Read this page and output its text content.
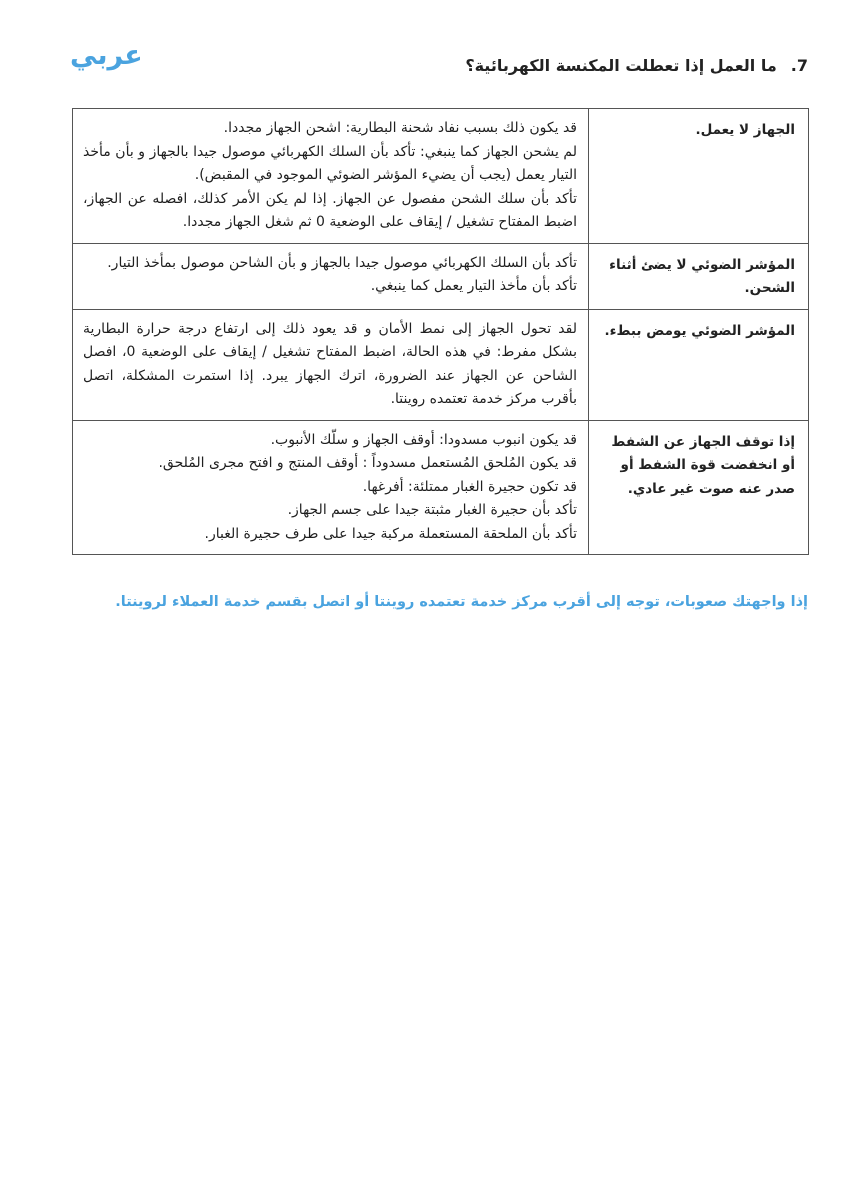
عربي	7.ما العمل إذا تعطلت المكنسة الكهربائية؟
الجهاز لا يعمل.	قد يكون ذلك بسبب نفاد شحنة البطارية: اشحن الجهاز مجددا.
لم يشحن الجهاز كما ينبغي: تأكد بأن السلك الكهربائي موصول جيدا بالجهاز و بأن مأخذ التيار يعمل (يجب أن يضيء المؤشر الضوئي الموجود في المقبض).
تأكد بأن سلك الشحن مفصول عن الجهاز. إذا لم يكن الأمر كذلك، افصله عن الجهاز، اضبط المفتاح تشغيل / إيقاف على الوضعية 0 ثم شغل الجهاز مجددا.

المؤشر الضوئي لا يضئ أثناء الشحن.	تأكد بأن السلك الكهربائي موصول جيدا بالجهاز و بأن الشاحن موصول بمأخذ التيار.
تأكد بأن مأخذ التيار يعمل كما ينبغي.

المؤشر الضوئي يومض ببطء.	لقد تحول الجهاز إلى نمط الأمان و قد يعود ذلك إلى ارتفاع درجة حرارة البطارية بشكل مفرط: في هذه الحالة، اضبط المفتاح تشغيل / إيقاف على الوضعية 0، افصل الشاحن عن الجهاز عند الضرورة، اترك الجهاز يبرد. إذا استمرت المشكلة، اتصل بأقرب مركز خدمة تعتمده روينتا.

إذا توقف الجهاز عن الشفط أو انخفضت قوة الشفط أو صدر عنه صوت غير عادي.	قد يكون انبوب مسدودا: أوقف الجهاز و سلّك الأنبوب.
قد يكون المُلحق المُستعمل مسدوداً : أوقف المنتج و افتح مجرى المُلحق.
قد تكون حجيرة الغبار ممتلئة: أفرغها.
تأكد بأن حجيرة الغبار مثبتة جيدا على جسم الجهاز.
تأكد بأن الملحقة المستعملة مركبة جيدا على طرف حجيرة الغبار.
إذا واجهتك صعوبات، توجه إلى أقرب مركز خدمة تعتمده روينتا أو اتصل بقسم خدمة العملاء لروينتا.
